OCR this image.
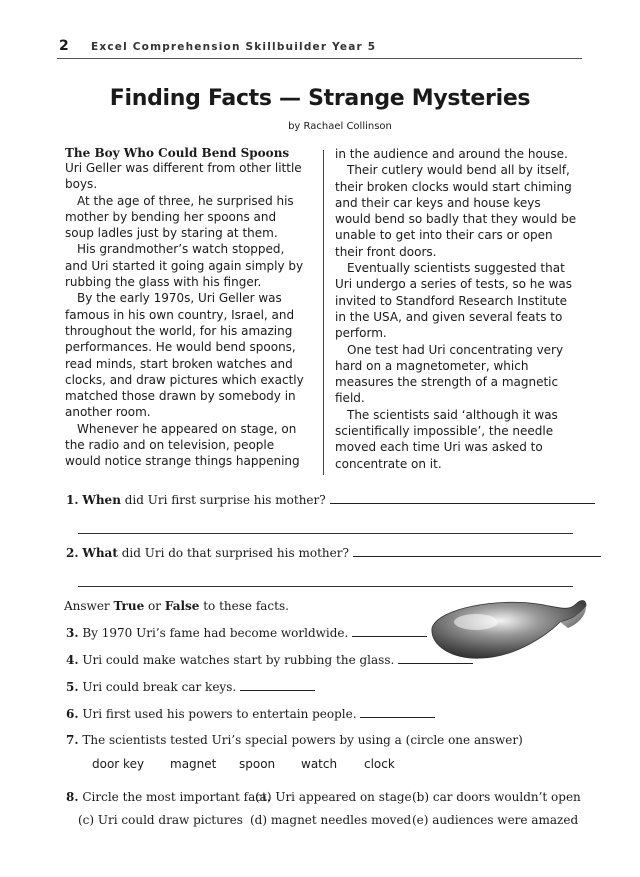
2 Excel Comprehension Skillbuilder Year 5
Finding Facts — Strange Mysteries
by Rachael Collinson
The Boy Who Could Bend Spoons
Uri Geller was different from other little
boys.
At the age of three, he surprised his
mother by bending her spoons and
soup ladles just by staring at them.
His grandmother’s watch stopped,
and Uri started it going again simply by
rubbing the glass with his finger.
By the early 1970s, Uri Geller was
famous in his own country, Israel, and
throughout the world, for his amazing
performances. He would bend spoons,
read minds, start broken watches and
clocks, and draw pictures which exactly
matched those drawn by somebody in
another room.
Whenever he appeared on stage, on
the radio and on television, people
would notice strange things happening
in the audience and around the house.
Their cutlery would bend all by itself,
their broken clocks would start chiming
and their car keys and house keys
would bend so badly that they would be
unable to get into their cars or open
their front doors.
Eventually scientists suggested that
Uri undergo a series of tests, so he was
invited to Standford Research Institute
in the USA, and given several feats to
perform.
One test had Uri concentrating very
hard on a magnetometer, which
measures the strength of a magnetic
field.
The scientists said ‘although it was
scientifically impossible’, the needle
moved each time Uri was asked to
concentrate on it.
1. When did Uri first surprise his mother?
2. What did Uri do that surprised his mother?
Answer True or False to these facts.
3. By 1970 Uri’s fame had become worldwide.
4. Uri could make watches start by rubbing the glass.
5. Uri could break car keys.
6. Uri first used his powers to entertain people.
7. The scientists tested Uri’s special powers by using a (circle one answer)
door key magnet spoon watch clock
8. Circle the most important fact.
(a) Uri appeared on stage (b) car doors wouldn’t open
(c) Uri could draw pictures (d) magnet needles moved (e) audiences were amazed
